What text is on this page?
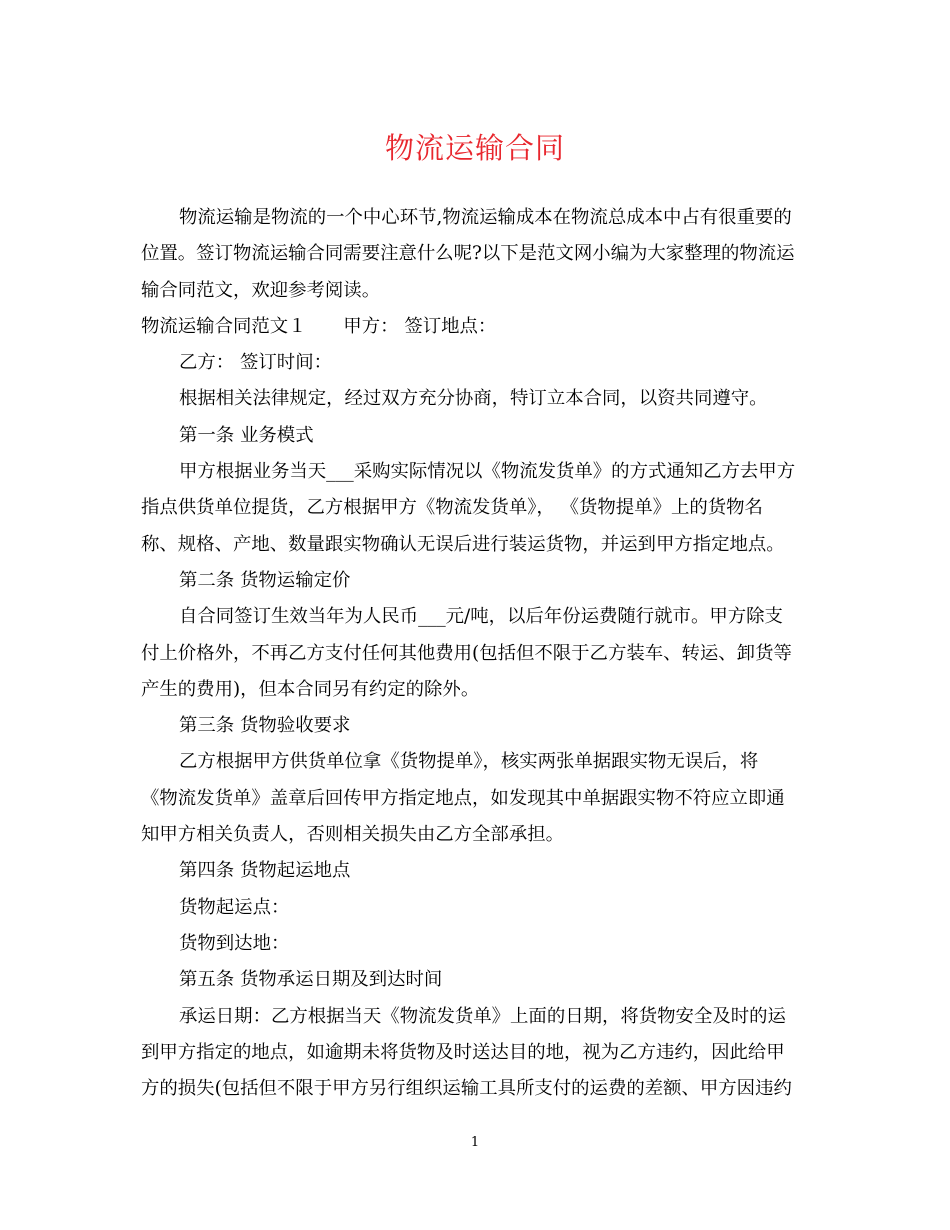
物流运输合同

物流运输是物流的一个中心环节,物流运输成本在物流总成本中占有很重要的

位置。签订物流运输合同需要注意什么呢?以下是范文网小编为大家整理的物流运

输合同范文，欢迎参考阅读。

物流运输合同范文１　　甲方： 签订地点：

乙方： 签订时间：

根据相关法律规定，经过双方充分协商，特订立本合同，以资共同遵守。

第一条 业务模式

甲方根据业务当天___采购实际情况以《物流发货单》的方式通知乙方去甲方

指点供货单位提货，乙方根据甲方《物流发货单》， 《货物提单》上的货物名

称、规格、产地、数量跟实物确认无误后进行装运货物，并运到甲方指定地点。

第二条 货物运输定价

自合同签订生效当年为人民币___元/吨，以后年份运费随行就市。甲方除支

付上价格外，不再乙方支付任何其他费用(包括但不限于乙方装车、转运、卸货等

产生的费用)，但本合同另有约定的除外。

第三条 货物验收要求

乙方根据甲方供货单位拿《货物提单》，核实两张单据跟实物无误后，将

《物流发货单》盖章后回传甲方指定地点，如发现其中单据跟实物不符应立即通

知甲方相关负责人，否则相关损失由乙方全部承担。

第四条 货物起运地点

货物起运点：

货物到达地：

第五条 货物承运日期及到达时间

承运日期：乙方根据当天《物流发货单》上面的日期，将货物安全及时的运

到甲方指定的地点，如逾期未将货物及时送达目的地，视为乙方违约，因此给甲

方的损失(包括但不限于甲方另行组织运输工具所支付的运费的差额、甲方因违约

1
